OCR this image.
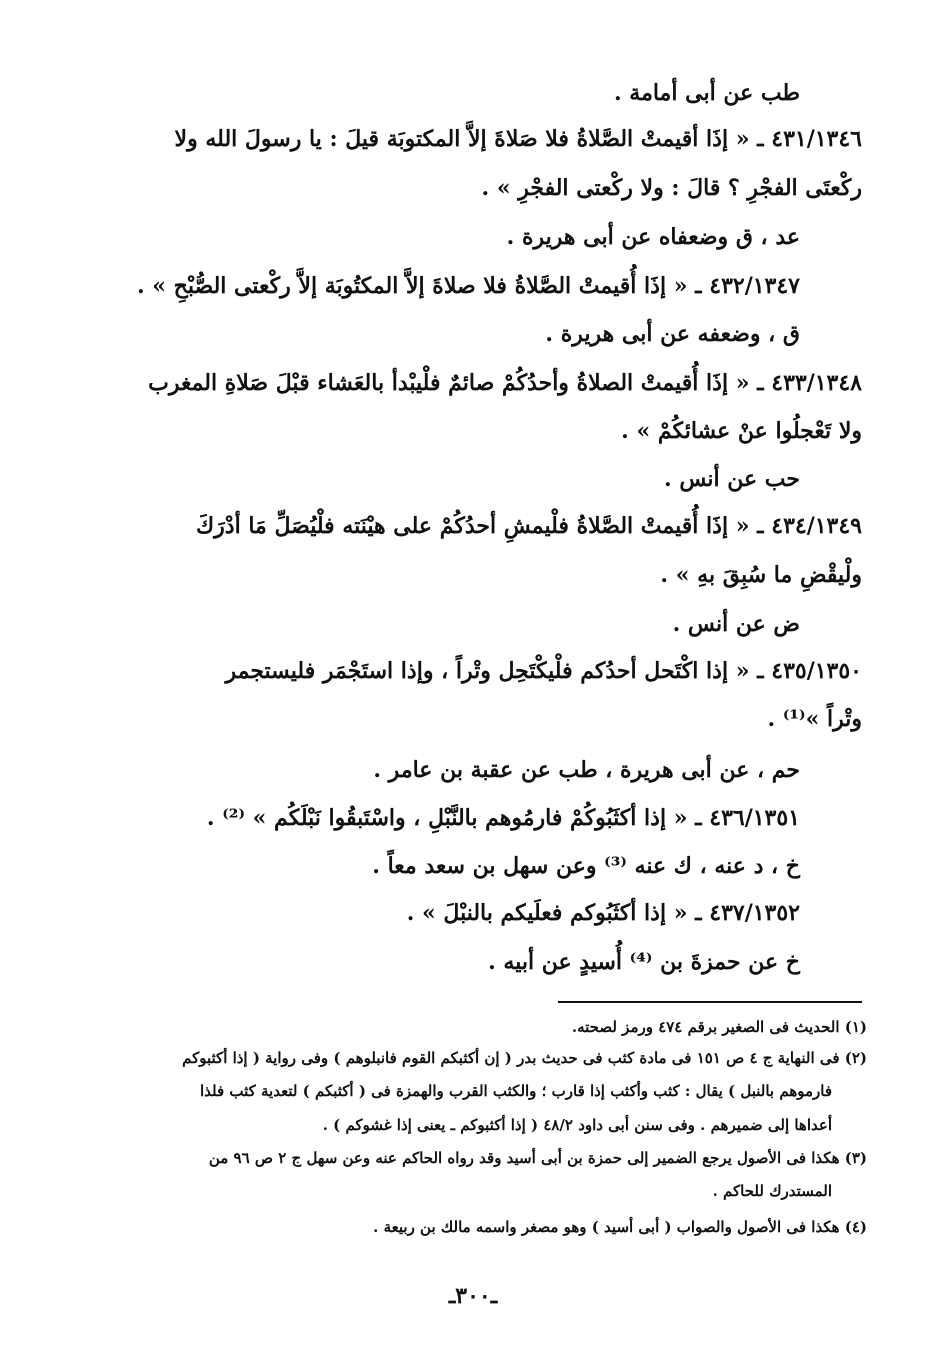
طب عن أبى أمامة .
٤٣١/١٣٤٦ ـ « إذَا أقيمتْ الصَّلاةُ فلا صَلاةَ إلاَّ المكتوبَة قيلَ : يا رسولَ الله ولا
ركْعتَى الفجْرِ ؟ قالَ : ولا ركْعتى الفجْرِ » .
عد ، ق وضعفاه عن أبى هريرة .
٤٣٢/١٣٤٧ ـ « إذَا أُقيمتْ الصَّلاةُ فلا صلاةَ إلاَّ المكتُوبَة إلاَّ ركْعتى الصُّبْحِ » .
ق ، وضعفه عن أبى هريرة .
٤٣٣/١٣٤٨ ـ « إذَا أُقيمتْ الصلاةُ وأحدُكُمْ صائمٌ فلْيبْدأ بالعَشاء قبْلَ صَلاةِ المغرب
ولا تَعْجلُوا عنْ عشائكُمْ » .
حب عن أنس .
٤٣٤/١٣٤٩ ـ « إذَا أُقيمتْ الصَّلاةُ فلْيمشِ أحدُكُمْ على هيْنَته فلْيُصَلِّ مَا أدْرَكَ
ولْيقْضِ ما سُبِقَ بهِ » .
ض عن أنس .
٤٣٥/١٣٥٠ ـ « إذا اكْتَحل أحدُكم فلْيكْتَحِل وتْراً ، وإذا استَجْمَر فليستجمر
وتْراً »⁽¹⁾ .
حم ، عن أبى هريرة ، طب عن عقبة بن عامر .
٤٣٦/١٣٥١ ـ « إذا أكثَبُوكُمْ فارمُوهم بالنَّبْلِ ، واسْتَبقُوا نَبْلَكُم » ⁽²⁾ .
خ ، د عنه ، ك عنه ⁽³⁾ وعن سهل بن سعد معاً .
٤٣٧/١٣٥٢ ـ « إذا أكثَبُوكم فعلَيكم بالنبْلَ » .
خ عن حمزةَ بن ⁽⁴⁾ أُسيدٍ عن أبيه .
(١) الحديث فى الصغير برقم ٤٧٤ ورمز لصحته.
(٢) فى النهاية ج ٤ ص ١٥١ فى مادة كثب فى حديث بدر ( إن أكثبكم القوم فانبلوهم ) وفى رواية ( إذا أكثبوكم
فارموهم بالنبل ) يقال : كثب وأكثب إذا قارب ؛ والكثب القرب والهمزة فى ( أكثبكم ) لتعدية كثب فلذا
أعداها إلى ضميرهم . وفى سنن أبى داود ٤٨/٢ ( إذا أكثبوكم ـ يعنى إذا غشوكم ) .
(٣) هكذا فى الأصول يرجع الضمير إلى حمزة بن أبى أسيد وقد رواه الحاكم عنه وعن سهل ج ٢ ص ٩٦ من
المستدرك للحاكم .
(٤) هكذا فى الأصول والصواب ( أبى أسيد ) وهو مصغر واسمه مالك بن ربيعة .
ـ٣٠٠ـ
